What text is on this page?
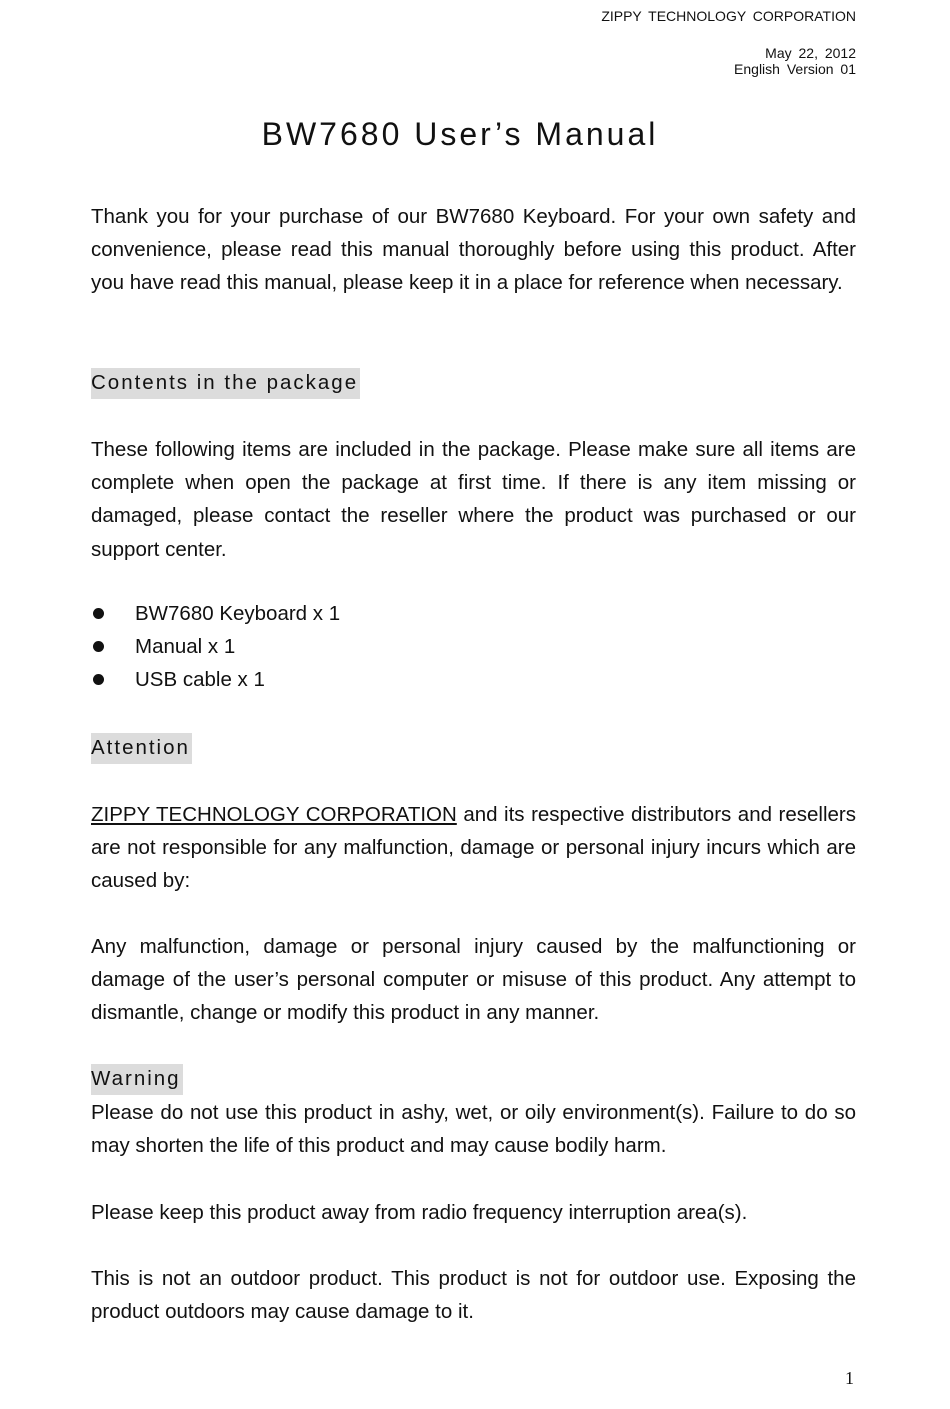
ZIPPY TECHNOLOGY CORPORATION
May 22, 2012
English Version 01
BW7680 User’s Manual

Thank you for your purchase of our BW7680 Keyboard. For your own safety and convenience, please read this manual thoroughly before using this product. After you have read this manual, please keep it in a place for reference when necessary.

Contents in the package

These following items are included in the package. Please make sure all items are complete when open the package at first time. If there is any item missing or damaged, please contact the reseller where the product was purchased or our support center.

BW7680 Keyboard x 1
Manual x 1
USB cable x 1
Attention

ZIPPY TECHNOLOGY CORPORATION and its respective distributors and resellers are not responsible for any malfunction, damage or personal injury incurs which are caused by:

Any malfunction, damage or personal injury caused by the malfunctioning or damage of the user’s personal computer or misuse of this product. Any attempt to dismantle, change or modify this product in any manner.

Warning

Please do not use this product in ashy, wet, or oily environment(s). Failure to do so may shorten the life of this product and may cause bodily harm.

Please keep this product away from radio frequency interruption area(s).

This is not an outdoor product. This product is not for outdoor use. Exposing the product outdoors may cause damage to it.

1
